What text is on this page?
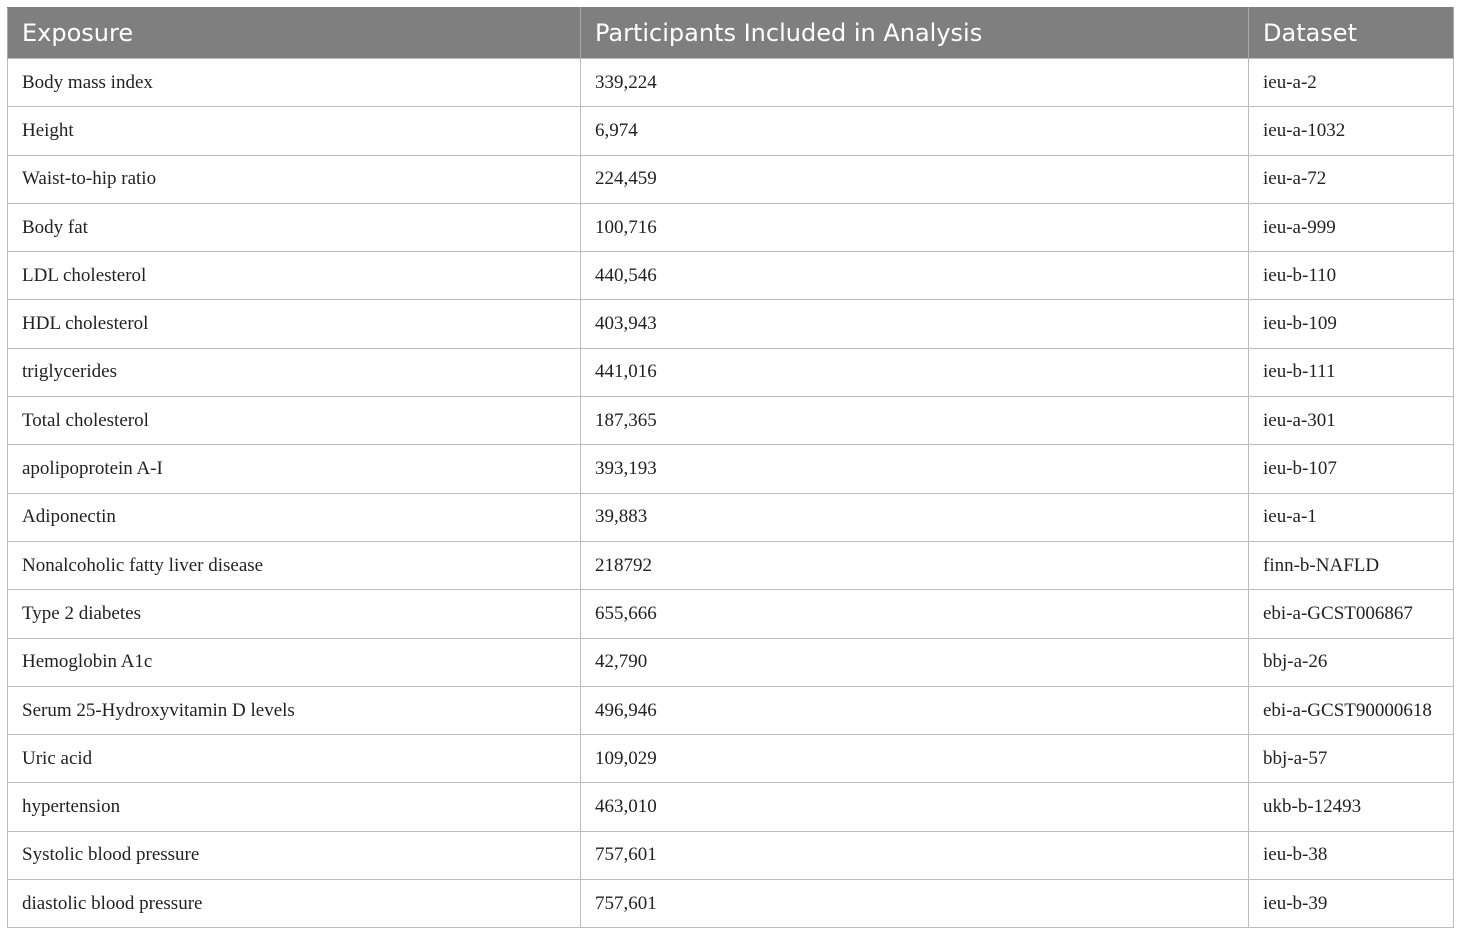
Exposure	Participants Included in Analysis	Dataset
Body mass index	339,224	ieu-a-2
Height	6,974	ieu-a-1032
Waist-to-hip ratio	224,459	ieu-a-72
Body fat	100,716	ieu-a-999
LDL cholesterol	440,546	ieu-b-110
HDL cholesterol	403,943	ieu-b-109
triglycerides	441,016	ieu-b-111
Total cholesterol	187,365	ieu-a-301
apolipoprotein A-I	393,193	ieu-b-107
Adiponectin	39,883	ieu-a-1
Nonalcoholic fatty liver disease	218792	finn-b-NAFLD
Type 2 diabetes	655,666	ebi-a-GCST006867
Hemoglobin A1c	42,790	bbj-a-26
Serum 25-Hydroxyvitamin D levels	496,946	ebi-a-GCST90000618
Uric acid	109,029	bbj-a-57
hypertension	463,010	ukb-b-12493
Systolic blood pressure	757,601	ieu-b-38
diastolic blood pressure	757,601	ieu-b-39
